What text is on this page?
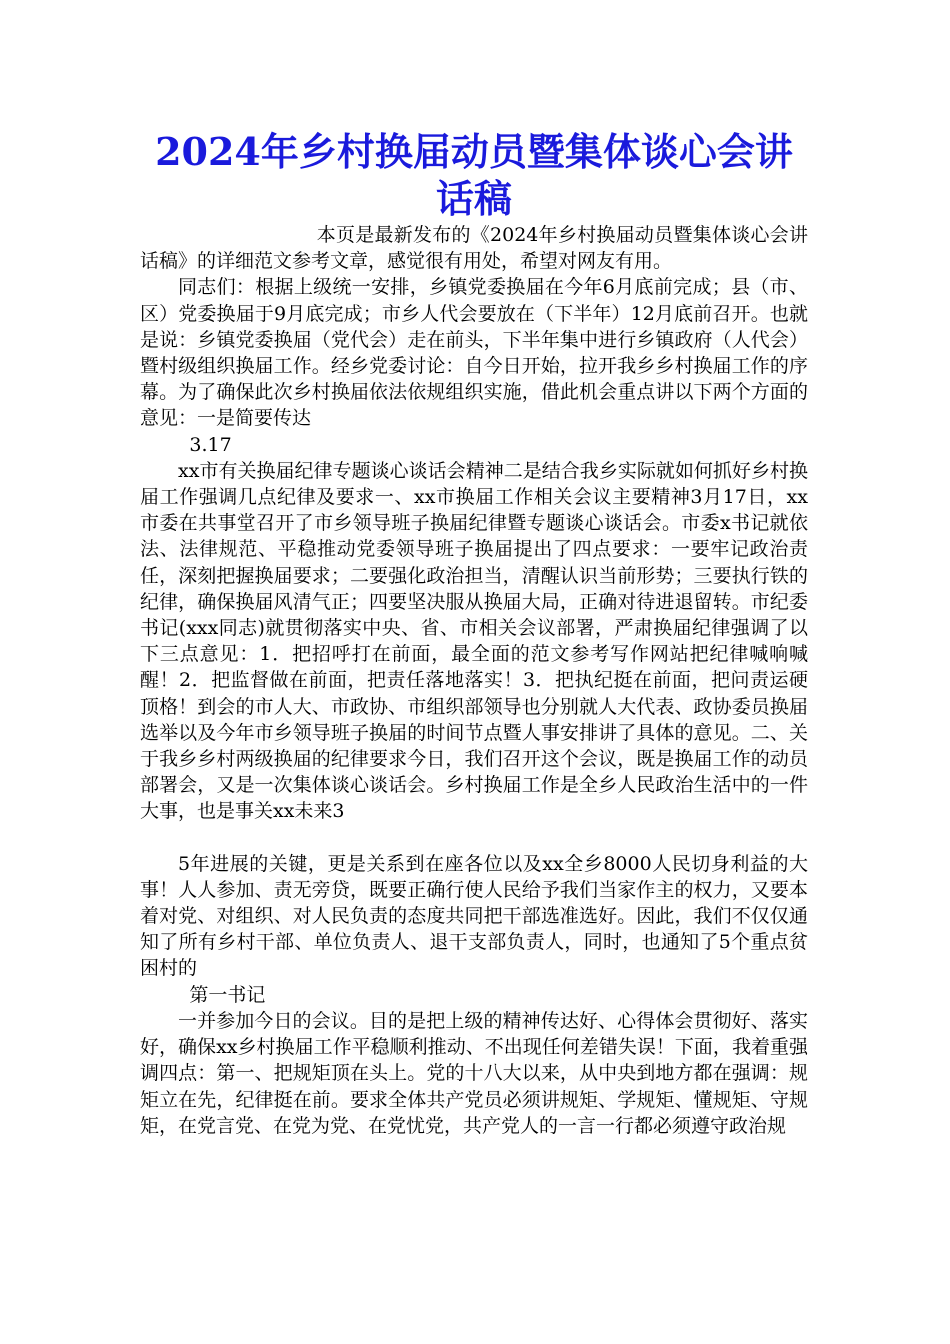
2024年乡村换届动员暨集体谈心会讲话稿

本页是最新发布的《2024年乡村换届动员暨集体谈心会讲话稿》的详细范文参考文章，感觉很有用处，希望对网友有用。

同志们：根据上级统一安排，乡镇党委换届在今年6月底前完成；县（市、区）党委换届于9月底完成；市乡人代会要放在（下半年）12月底前召开。也就是说：乡镇党委换届（党代会）走在前头，下半年集中进行乡镇政府（人代会）暨村级组织换届工作。经乡党委讨论：自今日开始，拉开我乡乡村换届工作的序幕。为了确保此次乡村换届依法依规组织实施，借此机会重点讲以下两个方面的意见：一是简要传达

3.17

xx市有关换届纪律专题谈心谈话会精神二是结合我乡实际就如何抓好乡村换届工作强调几点纪律及要求一、xx市换届工作相关会议主要精神3月17日，xx市委在共事堂召开了市乡领导班子换届纪律暨专题谈心谈话会。市委x书记就依法、法律规范、平稳推动党委领导班子换届提出了四点要求：一要牢记政治责任，深刻把握换届要求；二要强化政治担当，清醒认识当前形势；三要执行铁的纪律，确保换届风清气正；四要坚决服从换届大局，正确对待进退留转。市纪委书记(xxx同志)就贯彻落实中央、省、市相关会议部署，严肃换届纪律强调了以下三点意见：1．把招呼打在前面，最全面的范文参考写作网站把纪律喊响喊醒！2．把监督做在前面，把责任落地落实！3．把执纪挺在前面，把问责运硬顶格！到会的市人大、市政协、市组织部领导也分别就人大代表、政协委员换届选举以及今年市乡领导班子换届的时间节点暨人事安排讲了具体的意见。二、关于我乡乡村两级换届的纪律要求今日，我们召开这个会议，既是换届工作的动员部署会，又是一次集体谈心谈话会。乡村换届工作是全乡人民政治生活中的一件大事，也是事关xx未来3

5年进展的关键，更是关系到在座各位以及xx全乡8000人民切身利益的大事！人人参加、责无旁贷，既要正确行使人民给予我们当家作主的权力，又要本着对党、对组织、对人民负责的态度共同把干部选准选好。因此，我们不仅仅通知了所有乡村干部、单位负责人、退干支部负责人，同时，也通知了5个重点贫困村的

第一书记

一并参加今日的会议。目的是把上级的精神传达好、心得体会贯彻好、落实好，确保xx乡村换届工作平稳顺利推动、不出现任何差错失误！下面，我着重强调四点：第一、把规矩顶在头上。党的十八大以来，从中央到地方都在强调：规矩立在先，纪律挺在前。要求全体共产党员必须讲规矩、学规矩、懂规矩、守规矩，在党言党、在党为党、在党忧党，共产党人的一言一行都必须遵守政治规
